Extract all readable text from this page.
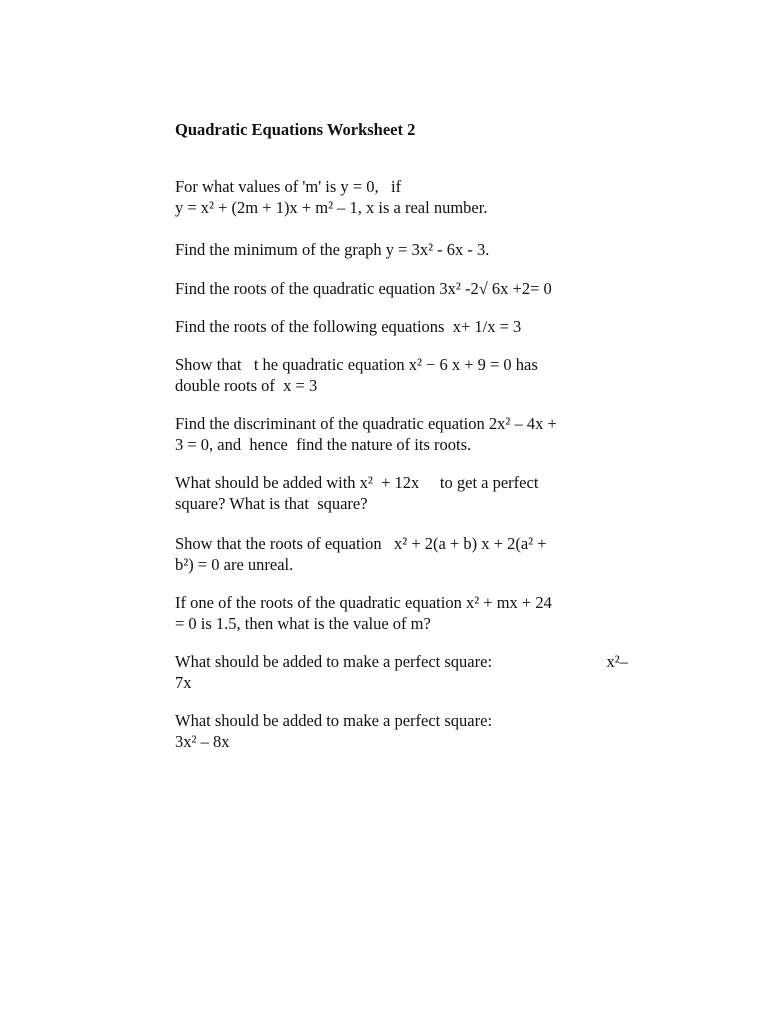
Quadratic Equations Worksheet 2

For what values of 'm' is y = 0,   if
y = x² + (2m + 1)x + m² – 1, x is a real number.
Find the minimum of the graph y = 3x² - 6x - 3.
Find the roots of the quadratic equation 3x² -2√ 6x +2= 0
Find the roots of the following equations  x+ 1/x = 3
Show that   t he quadratic equation x² − 6 x + 9 = 0 has
double roots of  x = 3
Find the discriminant of the quadratic equation 2x² – 4x +
3 = 0, and  hence  find the nature of its roots.
What should be added with x²  + 12x     to get a perfect
square? What is that  square?
Show that the roots of equation   x² + 2(a + b) x + 2(a² +
b²) = 0 are unreal.
If one of the roots of the quadratic equation x² + mx + 24
= 0 is 1.5, then what is the value of m?
What should be added to make a perfect square:	x²–
7x
What should be added to make a perfect square:
3x² – 8x
